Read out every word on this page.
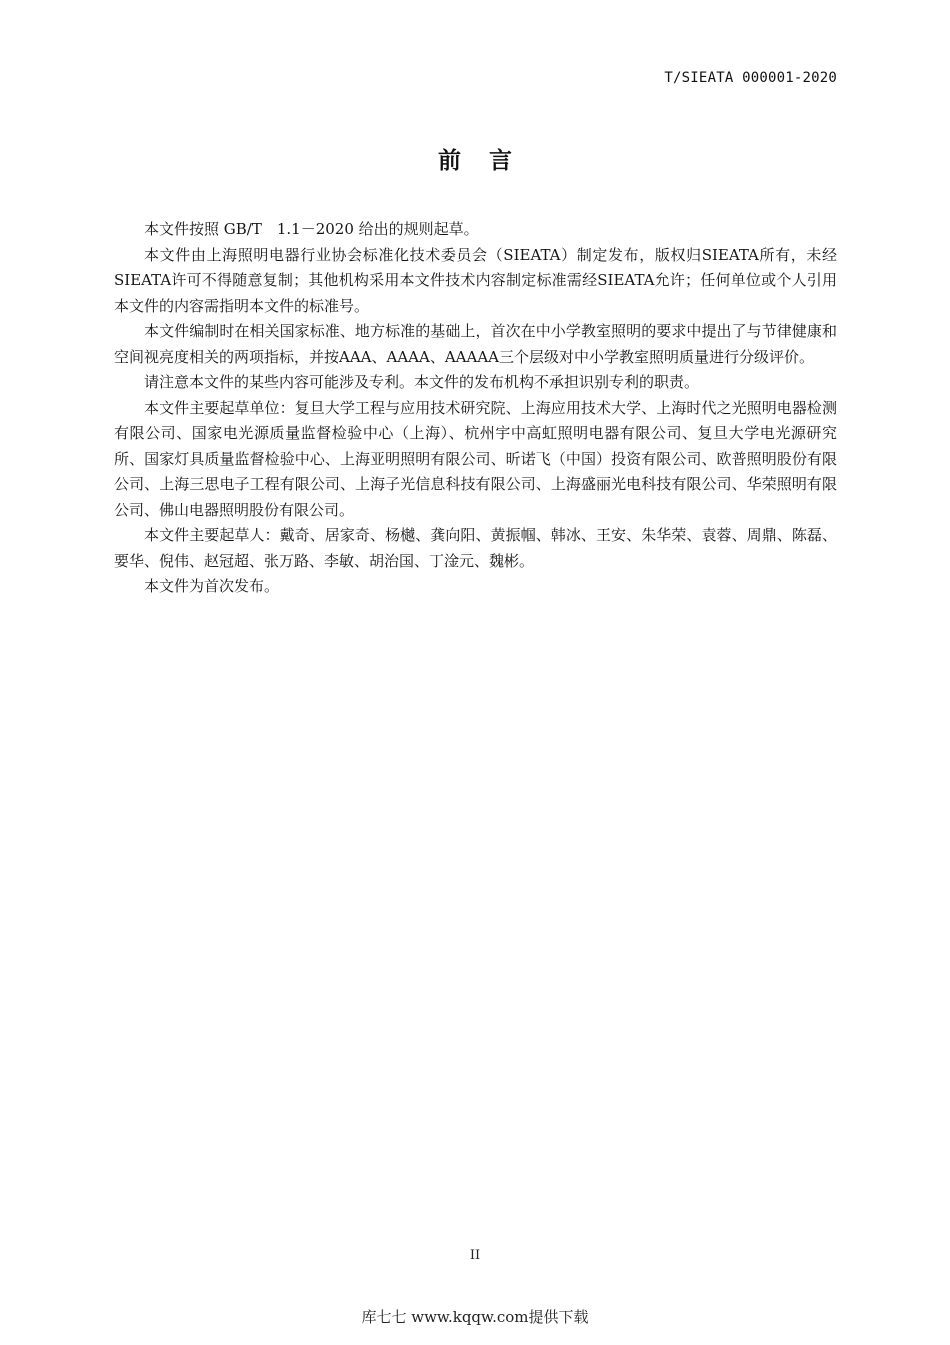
T/SIEATA 000001-2020
前言

本文件按照 GB/T　1.1－2020 给出的规则起草。

本文件由上海照明电器行业协会标准化技术委员会（SIEATA）制定发布，版权归SIEATA所有，未经SIEATA许可不得随意复制；其他机构采用本文件技术内容制定标准需经SIEATA允许；任何单位或个人引用本文件的内容需指明本文件的标准号。

本文件编制时在相关国家标准、地方标准的基础上，首次在中小学教室照明的要求中提出了与节律健康和空间视亮度相关的两项指标，并按AAA、AAAA、AAAAA三个层级对中小学教室照明质量进行分级评价。

请注意本文件的某些内容可能涉及专利。本文件的发布机构不承担识别专利的职责。

本文件主要起草单位：复旦大学工程与应用技术研究院、上海应用技术大学、上海时代之光照明电器检测有限公司、国家电光源质量监督检验中心（上海）、杭州宇中高虹照明电器有限公司、复旦大学电光源研究所、国家灯具质量监督检验中心、上海亚明照明有限公司、昕诺飞（中国）投资有限公司、欧普照明股份有限公司、上海三思电子工程有限公司、上海子光信息科技有限公司、上海盛丽光电科技有限公司、华荣照明有限公司、佛山电器照明股份有限公司。

本文件主要起草人：戴奇、居家奇、杨樾、龚向阳、黄振帼、韩冰、王安、朱华荣、袁蓉、周鼎、陈磊、要华、倪伟、赵冠超、张万路、李敏、胡治国、丁淦元、魏彬。

本文件为首次发布。

II
库七七 www.kqqw.com提供下载
